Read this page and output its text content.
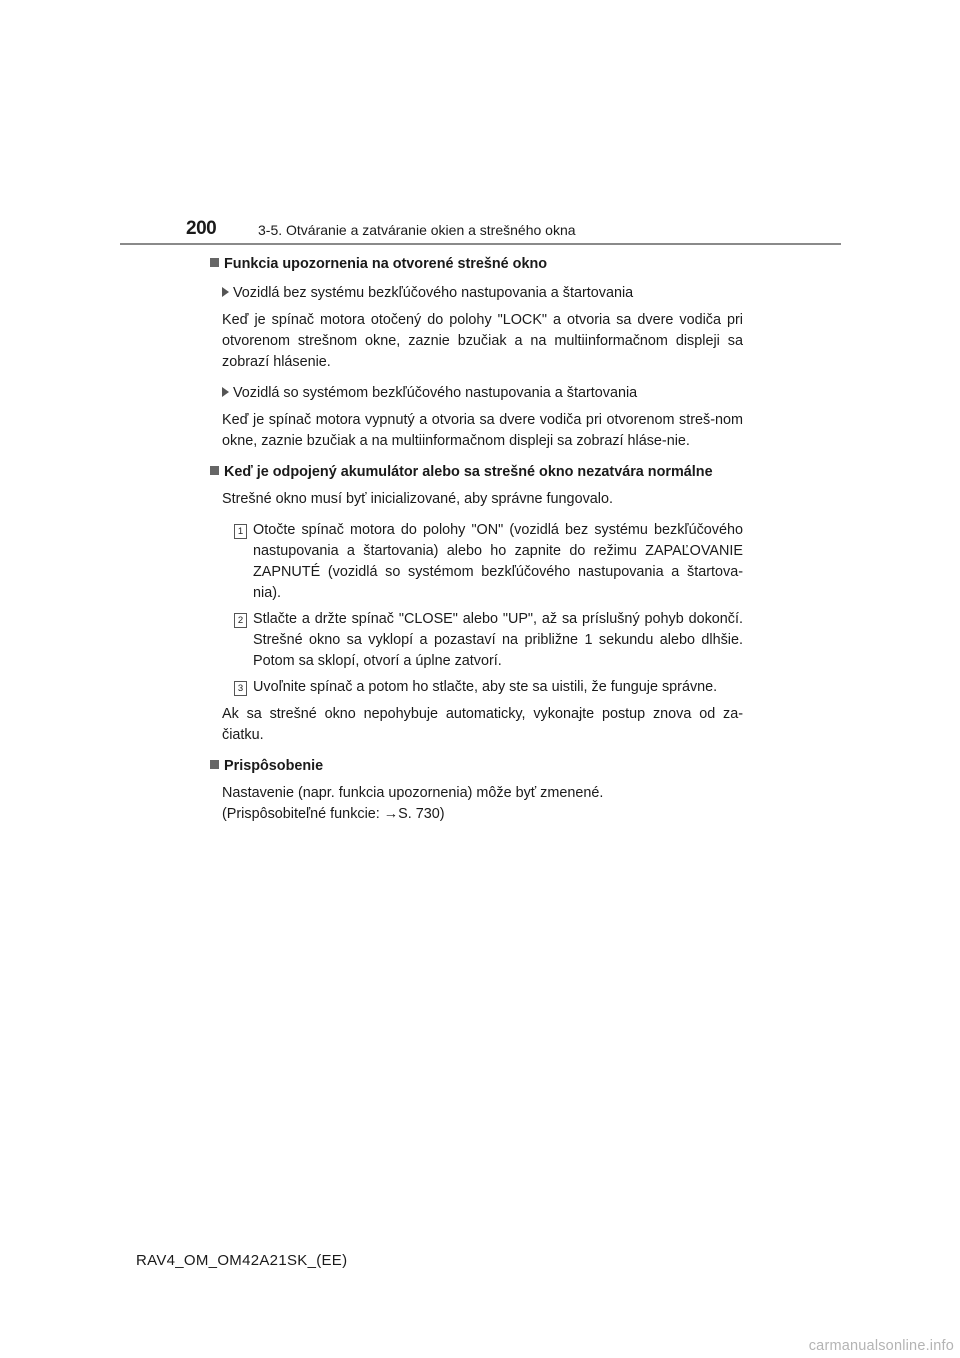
200	3-5. Otváranie a zatváranie okien a strešného okna
Funkcia upozornenia na otvorené strešné okno
Vozidlá bez systému bezkľúčového nastupovania a štartovania

Keď je spínač motora otočený do polohy "LOCK" a otvoria sa dvere vodiča pri otvorenom strešnom okne, zaznie bzučiak a na multiinformačnom displeji sa zobrazí hlásenie.

Vozidlá so systémom bezkľúčového nastupovania a štartovania

Keď je spínač motora vypnutý a otvoria sa dvere vodiča pri otvorenom streš-nom okne, zaznie bzučiak a na multiinformačnom displeji sa zobrazí hláse-nie.

Keď je odpojený akumulátor alebo sa strešné okno nezatvára normálne

Strešné okno musí byť inicializované, aby správne fungovalo.

1 Otočte spínač motora do polohy "ON" (vozidlá bez systému bezkľúčového nastupovania a štartovania) alebo ho zapnite do režimu ZAPAĽOVANIE ZAPNUTÉ (vozidlá so systémom bezkľúčového nastupovania a štartova-nia).
2 Stlačte a držte spínač "CLOSE" alebo "UP", až sa príslušný pohyb dokončí. Strešné okno sa vyklopí a pozastaví na približne 1 sekundu alebo dlhšie. Potom sa sklopí, otvorí a úplne zatvorí.
3 Uvoľnite spínač a potom ho stlačte, aby ste sa uistili, že funguje správne.

Ak sa strešné okno nepohybuje automaticky, vykonajte postup znova od za-čiatku.

Prispôsobenie
Nastavenie (napr. funkcia upozornenia) môže byť zmenené.
(Prispôsobiteľné funkcie: →S. 730)
RAV4_OM_OM42A21SK_(EE)
carmanualsonline.info
